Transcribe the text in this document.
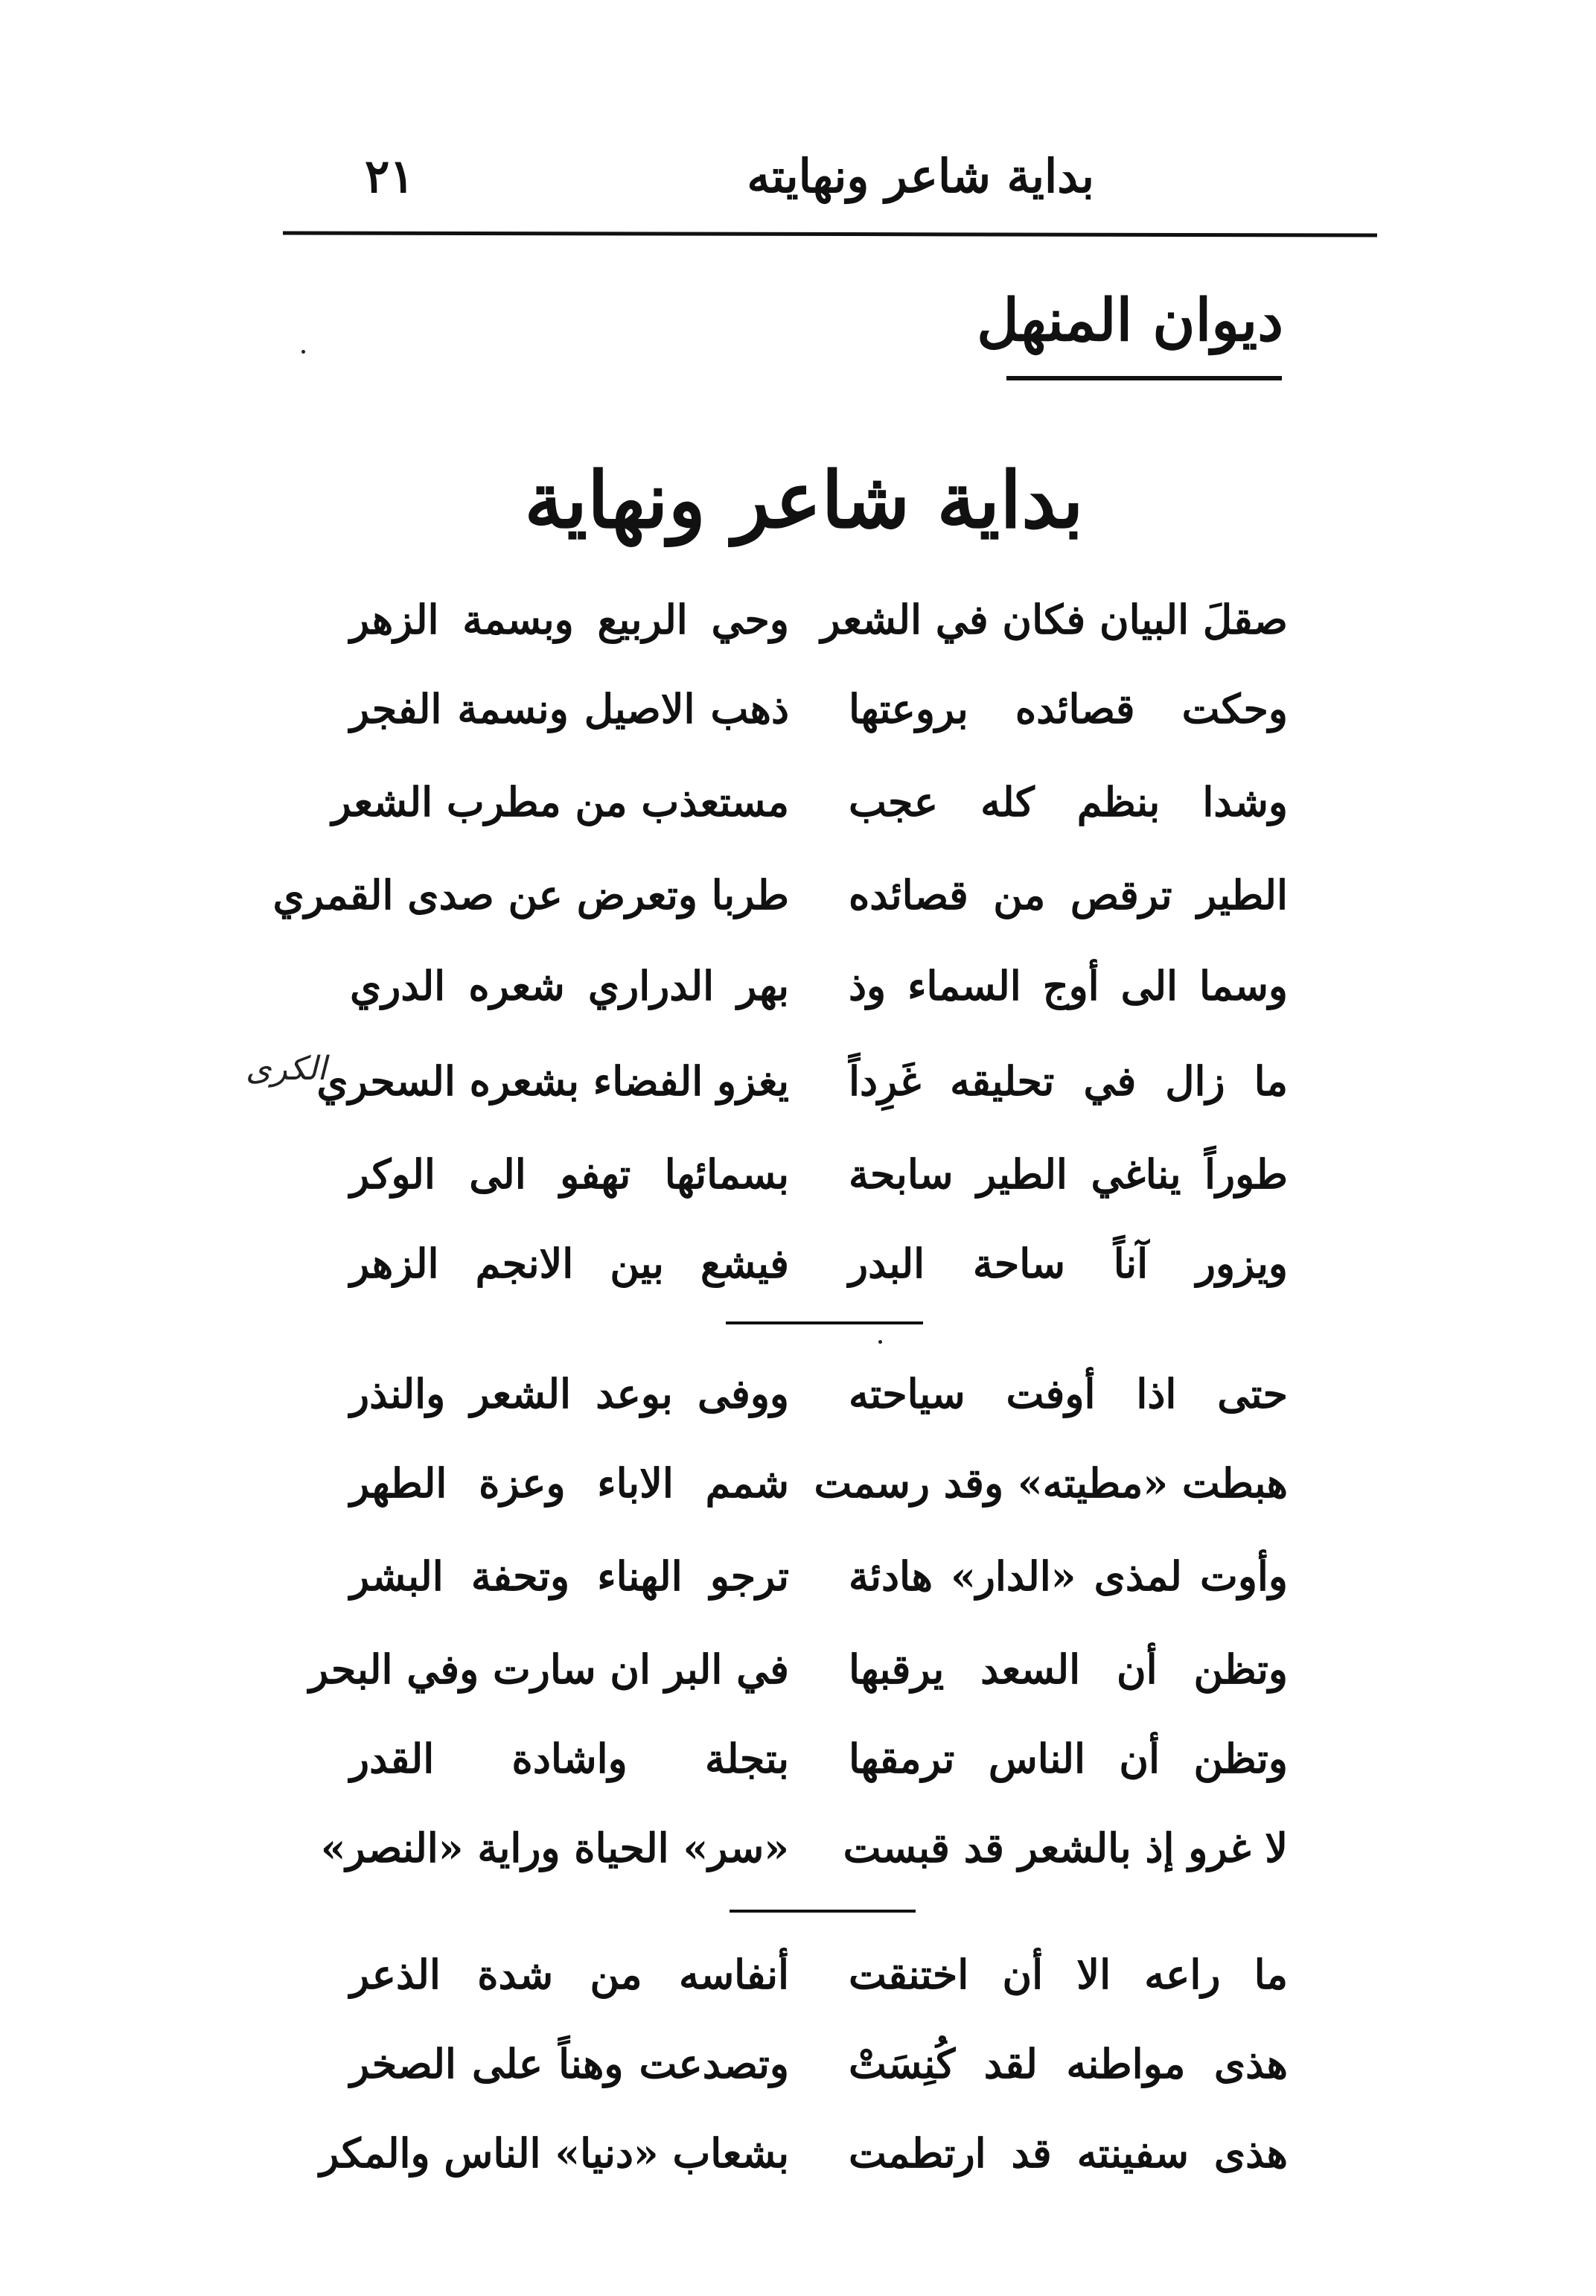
بداية شاعر ونهايته
٢١
ديوان المنهل
بداية شاعر ونهاية
صقلَ البيان فكان في الشعر
وحي الربيع وبسمة الزهر
وحكت قصائده بروعتها
ذهب الاصيل ونسمة الفجر
وشدا بنظم كله عجب
مستعذب من مطرب الشعر
الطير ترقص من قصائده
طربا وتعرض عن صدى القمري
وسما الى أوج السماء وذ
بهر الدراري شعره الدري
ما زال في تحليقه غَرِداً
يغزو الفضاء بشعره السحري
طوراً يناغي الطير سابحة
بسمائها تهفو الى الوكر
ويزور آناً ساحة البدر
فيشع بين الانجم الزهر
الكرى
حتى اذا أوفت سياحته
ووفى بوعد الشعر والنذر
هبطت «مطيته» وقد رسمت
شمم الاباء وعزة الطهر
وأوت لمذى «الدار» هادئة
ترجو الهناء وتحفة البشر
وتظن أن السعد يرقبها
في البر ان سارت وفي البحر
وتظن أن الناس ترمقها
بتجلة واشادة القدر
لا غرو إذ بالشعر قد قبست
«سر» الحياة وراية «النصر»
ما راعه الا أن اختنقت
أنفاسه من شدة الذعر
هذى مواطنه لقد كُنِسَتْ
وتصدعت وهناً على الصخر
هذى سفينته قد ارتطمت
بشعاب «دنيا» الناس والمكر
